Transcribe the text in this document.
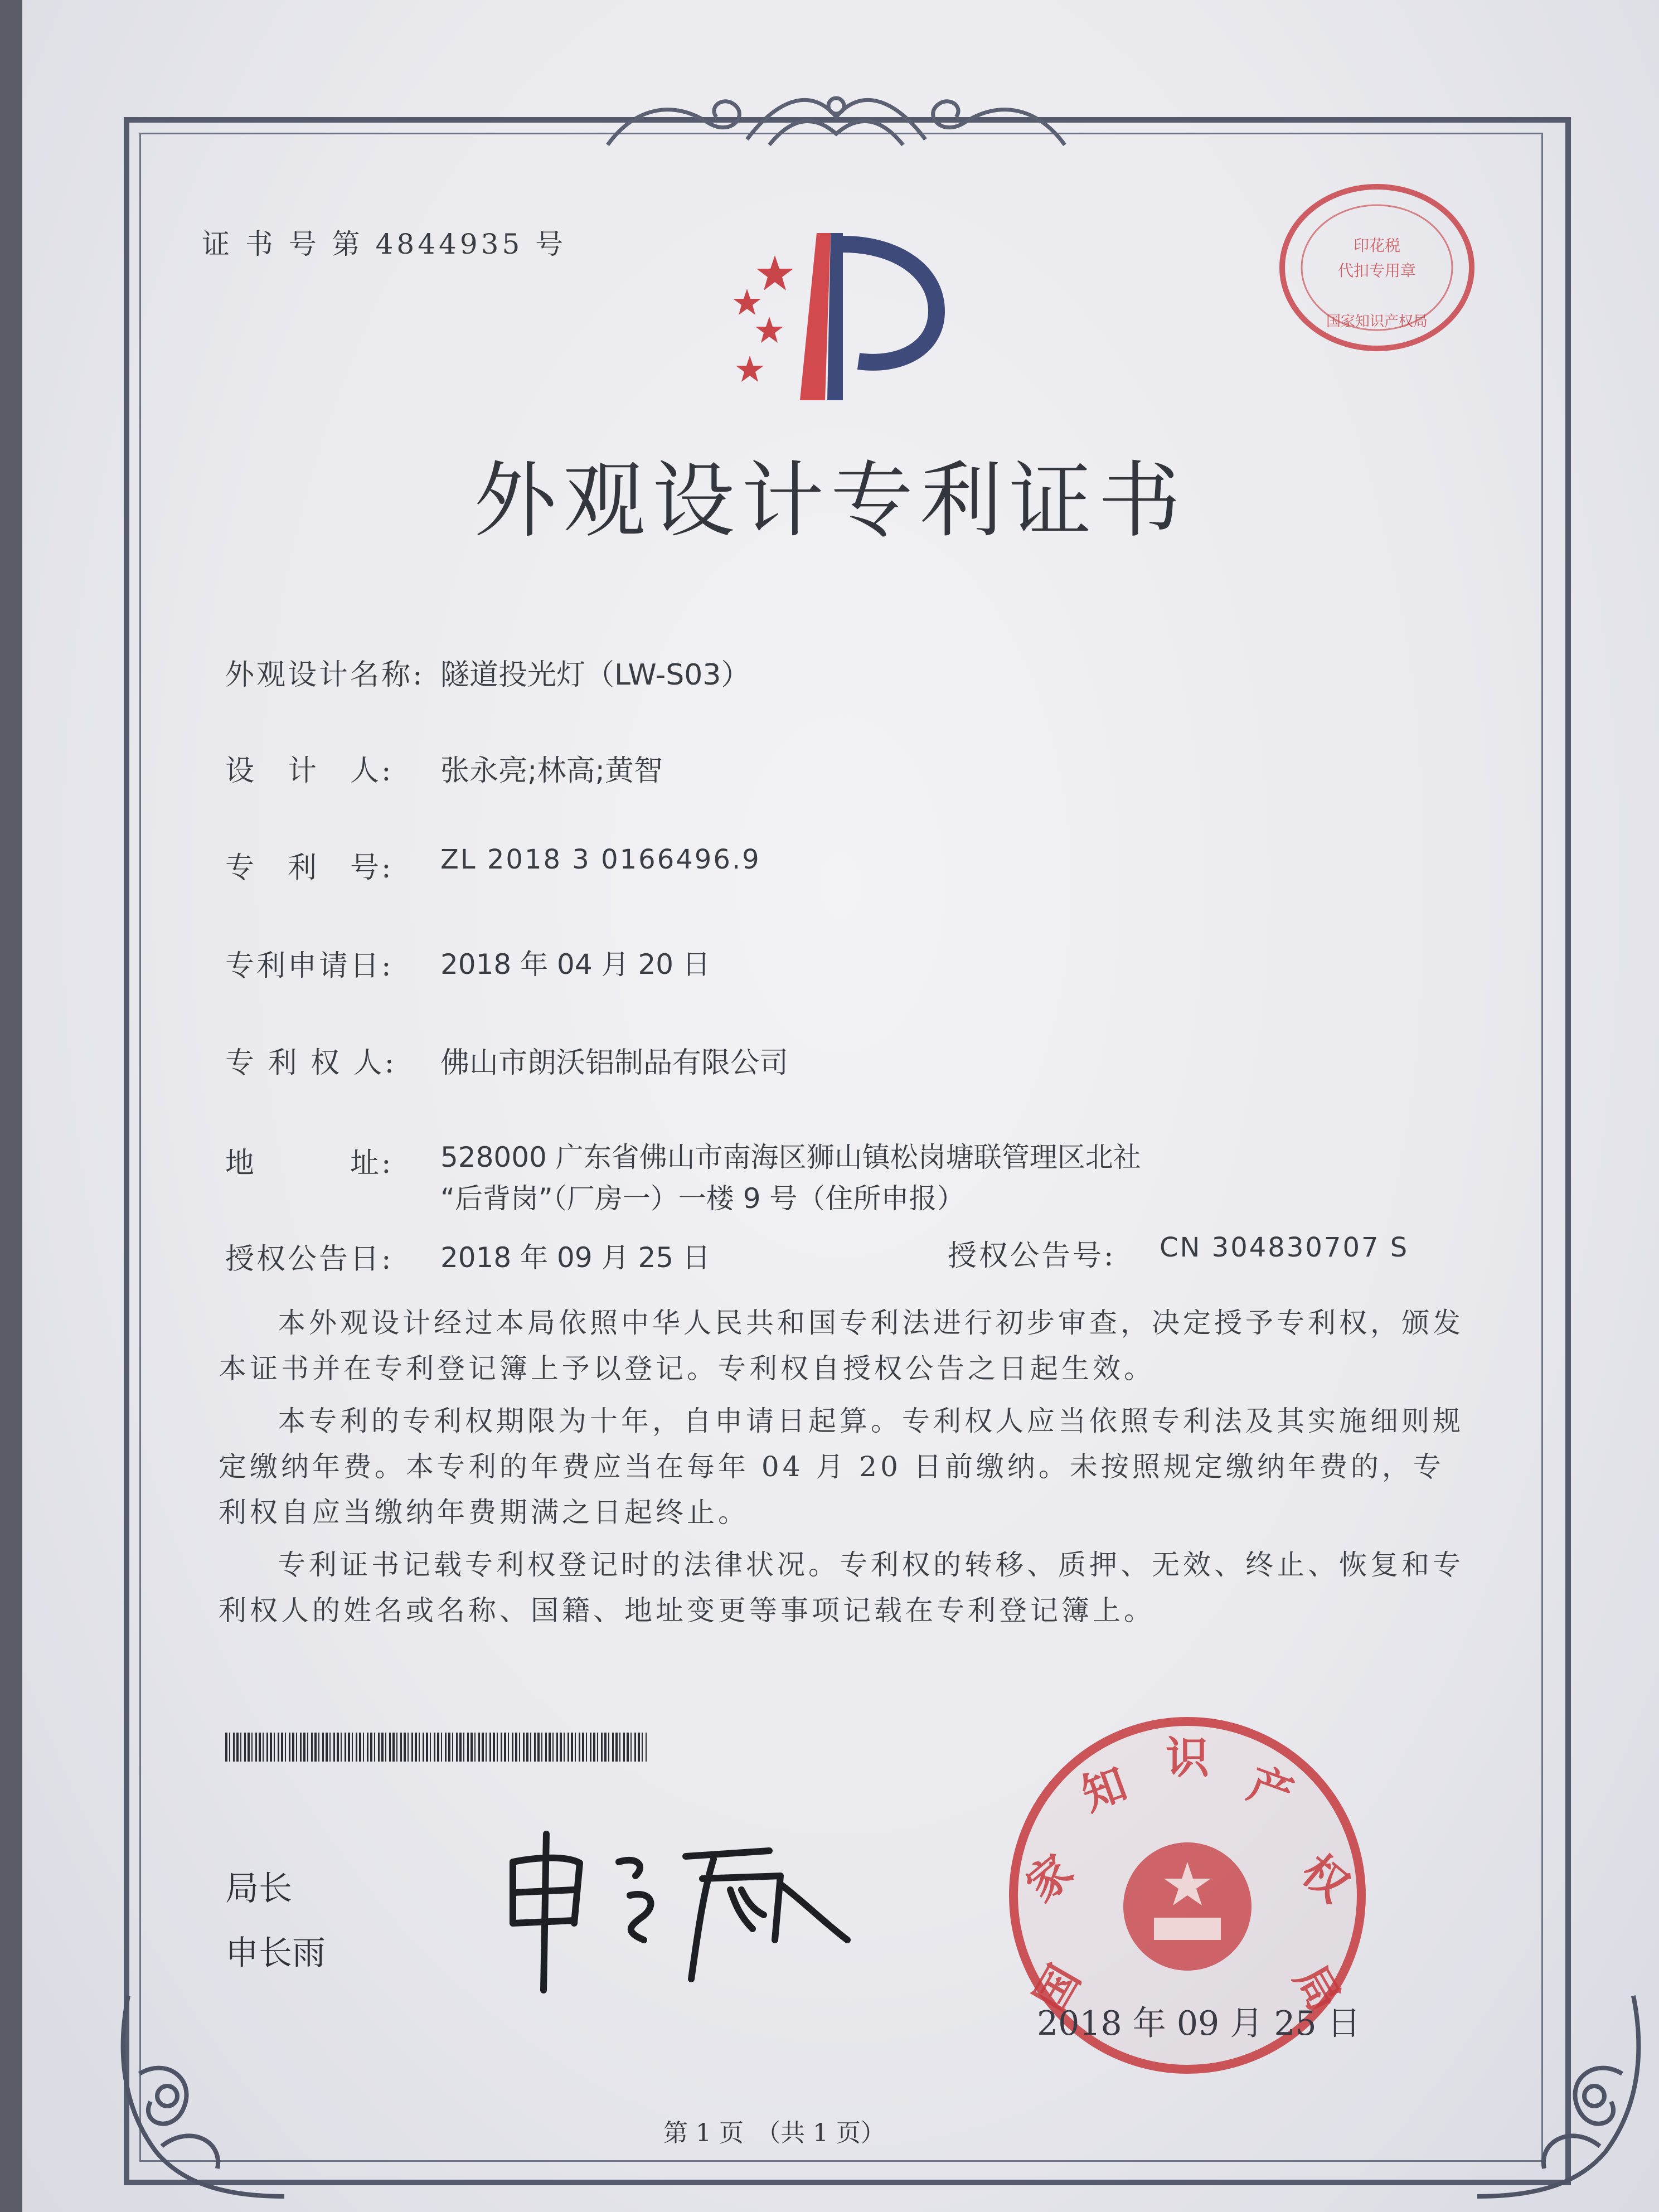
证 书 号 第 4844935 号	印花税
代扣专用章
国家知识产权局
外观设计专利证书
外观设计名称: 隧道投光灯（LW-S03）
设　计　人: 张永亮;林高;黄智
专　利　号: ZL 2018 3 0166496.9
专利申请日: 2018 年 04 月 20 日
专 利 权 人: 佛山市朗沃铝制品有限公司
地　　　址: 528000 广东省佛山市南海区狮山镇松岗塘联管理区北社
“后背岗”（厂房一）一楼 9 号（住所申报）
授权公告日: 2018 年 09 月 25 日	授权公告号: CN 304830707 S

本外观设计经过本局依照中华人民共和国专利法进行初步审查，决定授予专利权，颁发本证书并在专利登记簿上予以登记。专利权自授权公告之日起生效。

本专利的专利权期限为十年，自申请日起算。专利权人应当依照专利法及其实施细则规定缴纳年费。本专利的年费应当在每年 04 月 20 日前缴纳。未按照规定缴纳年费的，专利权自应当缴纳年费期满之日起终止。

专利证书记载专利权登记时的法律状况。专利权的转移、质押、无效、终止、恢复和专利权人的姓名或名称、国籍、地址变更等事项记载在专利登记簿上。

局长
申长雨
国
家
知
识
产
权
局
2018 年 09 月 25 日
第 1 页　（共 1 页）
